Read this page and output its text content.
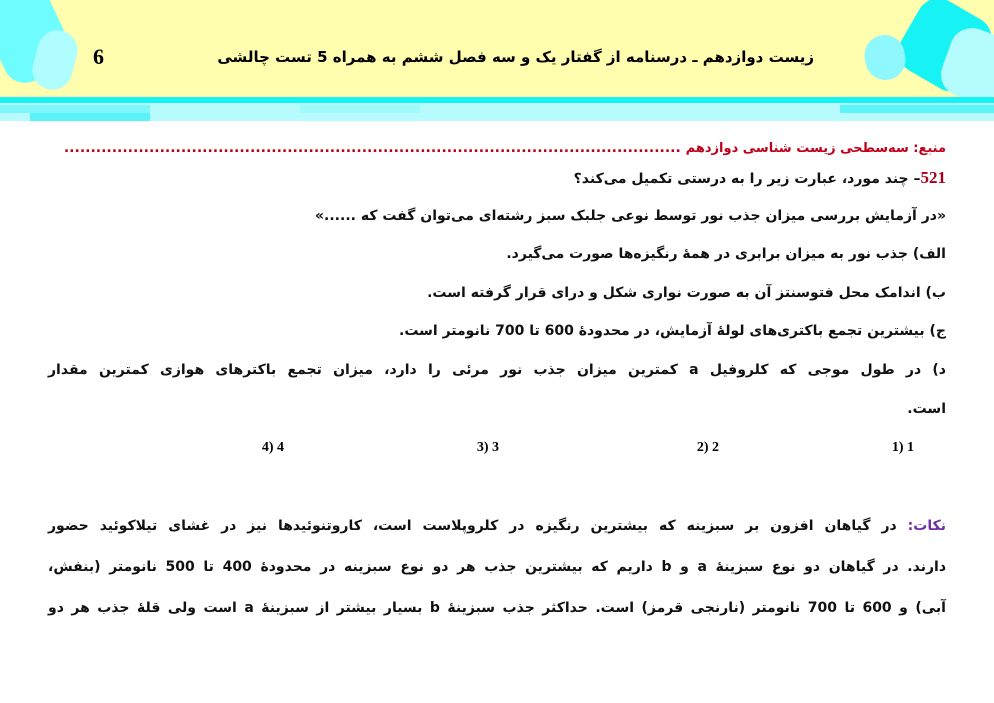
6	زیست دوازدهم ـ درسنامه از گفتار یک و سه فصل ششم به همراه 5 تست چالشی
منبع: سه‌سطحی زیست شناسی دوازدهم ....................................................................................................................
521– چند مورد، عبارت زیر را به درستی تکمیل می‌کند؟
«در آزمایش بررسی میزان جذب نور توسط نوعی جلبک سبز رشته‌ای می‌توان گفت که ......»
الف) جذب نور به میزان برابری در همهٔ رنگیزه‌ها صورت می‌گیرد.
ب) اندامک محل فتوسنتز آن به صورت نواری شکل و درای قرار گرفته است.
ج) بیشترین تجمع باکتری‌های لولهٔ آزمایش، در محدودهٔ 600 تا 700 نانومتر است.
د) در طول موجی که کلروفیل a کمترین میزان جذب نور مرئی را دارد، میزان تجمع باکترهای هوازی کمترین مقدار
است.
1 (1
2 (2
3 (3
4 (4
نکات: در گیاهان افزون بر سبزینه که بیشترین رنگیزه در کلروپلاست است، کاروتنوئیدها نیز در غشای تیلاکوئید حضور
دارند. در گیاهان دو نوع سبزینهٔ a و b داریم که بیشترین جذب هر دو نوع سبزینه در محدودهٔ 400 تا 500 نانومتر (بنفش،
آبی) و 600 تا 700 نانومتر (نارنجی قرمز) است. حداکثر جذب سبزینهٔ b بسیار بیشتر از سبزینهٔ a است ولی قلهٔ جذب هر دو
